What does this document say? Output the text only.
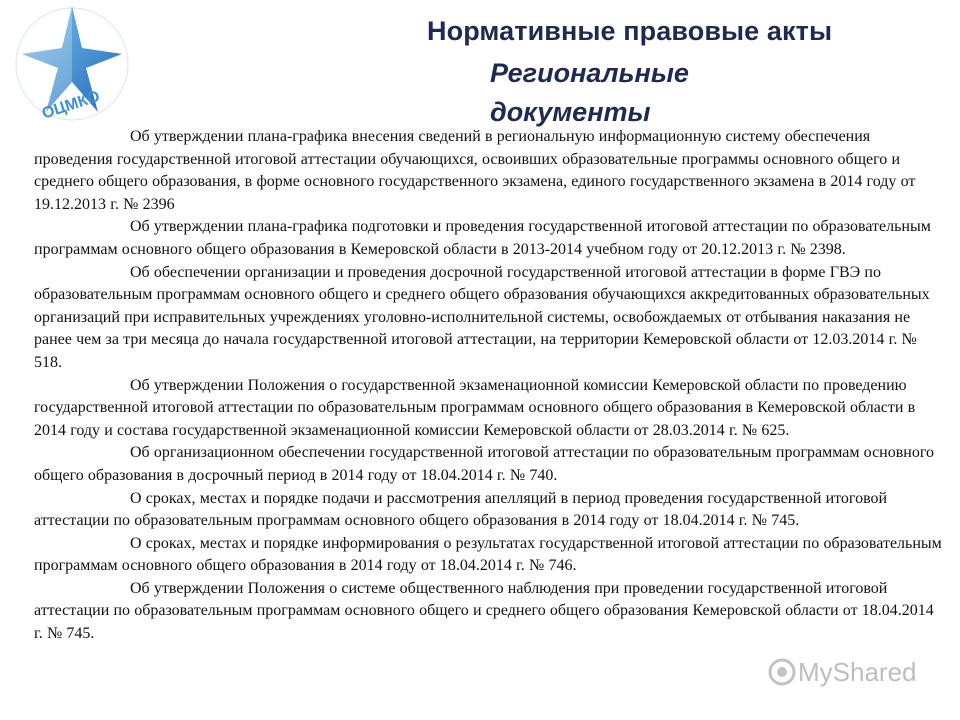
ОЦМКО
Нормативные правовые акты
Региональные документы

Об утверждении плана-графика внесения сведений в региональную информационную систему обеспечения проведения государственной итоговой аттестации обучающихся, освоивших образовательные программы основного общего и среднего общего образования, в форме основного государственного экзамена, единого государственного экзамена в 2014 году от 19.12.2013 г. № 2396

Об утверждении плана-графика подготовки и проведения государственной итоговой аттестации по образовательным программам основного общего образования в Кемеровской области в 2013-2014 учебном году от 20.12.2013 г. № 2398.

Об обеспечении организации и проведения досрочной государственной итоговой аттестации в форме ГВЭ по образовательным программам основного общего и среднего общего образования обучающихся аккредитованных образовательных организаций при исправительных учреждениях уголовно-исполнительной системы, освобождаемых от отбывания наказания не ранее чем за три месяца до начала государственной итоговой аттестации, на территории Кемеровской области от 12.03.2014 г. № 518.

Об утверждении Положения о государственной экзаменационной комиссии Кемеровской области по проведению государственной итоговой аттестации по образовательным программам основного общего образования в Кемеровской области в 2014 году и состава государственной экзаменационной комиссии Кемеровской области от 28.03.2014 г. № 625.

Об организационном обеспечении государственной итоговой аттестации по образовательным программам основного общего образования в досрочный период в 2014 году от 18.04.2014 г. № 740.

О сроках, местах и порядке подачи и рассмотрения апелляций в период проведения государственной итоговой аттестации по образовательным программам основного общего образования в 2014 году от 18.04.2014 г. № 745.

О сроках, местах и порядке информирования о результатах государственной итоговой аттестации по образовательным программам основного общего образования в 2014 году от 18.04.2014 г. № 746.

Об утверждении Положения о системе общественного наблюдения при проведении государственной итоговой аттестации по образовательным программам основного общего и среднего общего образования Кемеровской области от 18.04.2014 г. № 745.

MyShared
